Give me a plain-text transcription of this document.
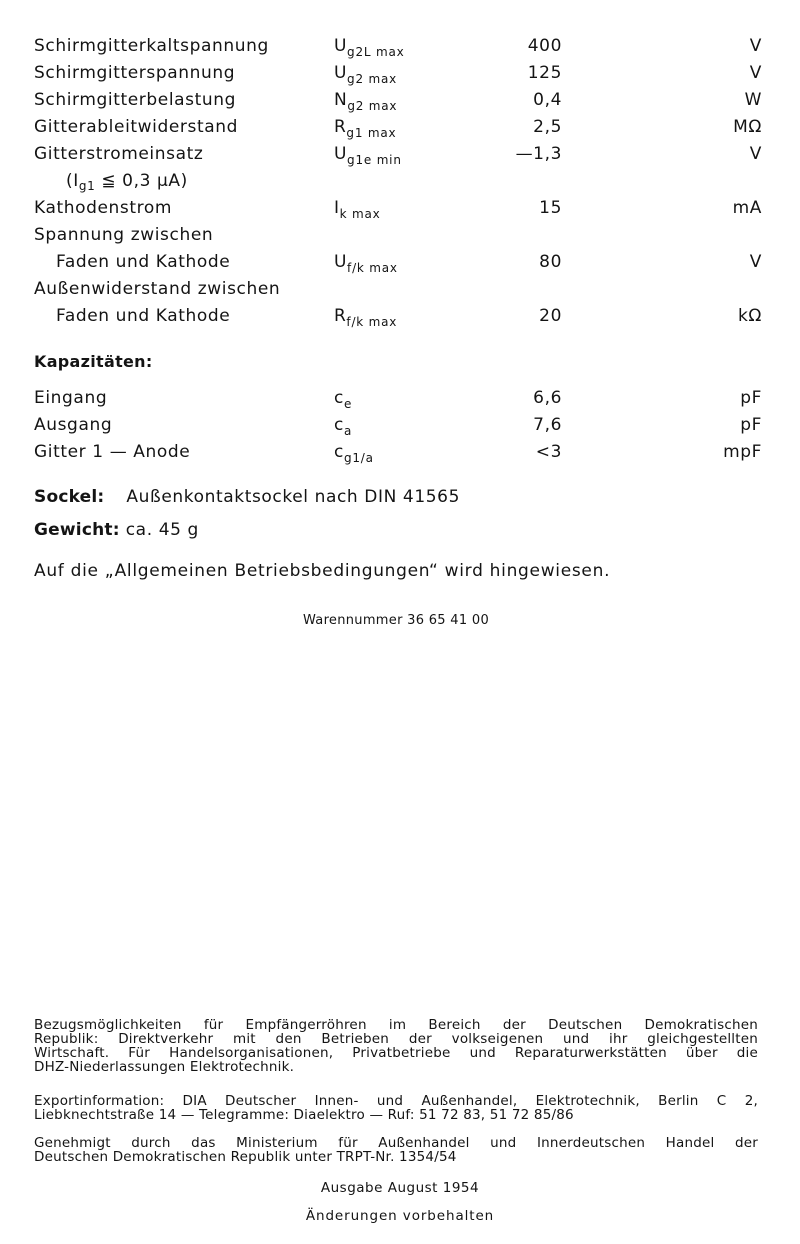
Schirmgitterkaltspannung	$U_{g2L max}$	400	V
Schirmgitterspannung	$U_{g2 max}$	125	V
Schirmgitterbelastung	$N_{g2 max}$	0,4	W
Gitterableitwiderstand	$R_{g1 max}$	2,5	MΩ
Gitterstromeinsatz	$U_{g1e min}$	—1,3	V
($I_{g1}$ ≦ 0,3 μA)
Kathodenstrom	$I_{k max}$	15	mA
Spannung zwischen
Faden und Kathode	$U_{f/k max}$	80	V
Außenwiderstand zwischen
Faden und Kathode	$R_{f/k max}$	20	kΩ
Kapazitäten:
Eingang	$c_e$	6,6	pF
Ausgang	$c_a$	7,6	pF
Gitter 1 — Anode	$c_{g1/a}$	<3	mpF
Sockel: Außenkontaktsockel nach DIN 41565
Gewicht: ca. 45 g
Auf die „Allgemeinen Betriebsbedingungen“ wird hingewiesen.
Warennummer 36 65 41 00
Bezugsmöglichkeiten für Empfängerröhren im Bereich der Deutschen Demokratischen
Republik: Direktverkehr mit den Betrieben der volkseigenen und ihr gleichgestellten
Wirtschaft. Für Handelsorganisationen, Privatbetriebe und Reparaturwerkstätten über die
DHZ-Niederlassungen Elektrotechnik.
Exportinformation: DIA Deutscher Innen- und Außenhandel, Elektrotechnik, Berlin C 2,
Liebknechtstraße 14 — Telegramme: Diaelektro — Ruf: 51 72 83, 51 72 85/86
Genehmigt durch das Ministerium für Außenhandel und Innerdeutschen Handel der
Deutschen Demokratischen Republik unter TRPT-Nr. 1354/54
Ausgabe August 1954
Änderungen vorbehalten
